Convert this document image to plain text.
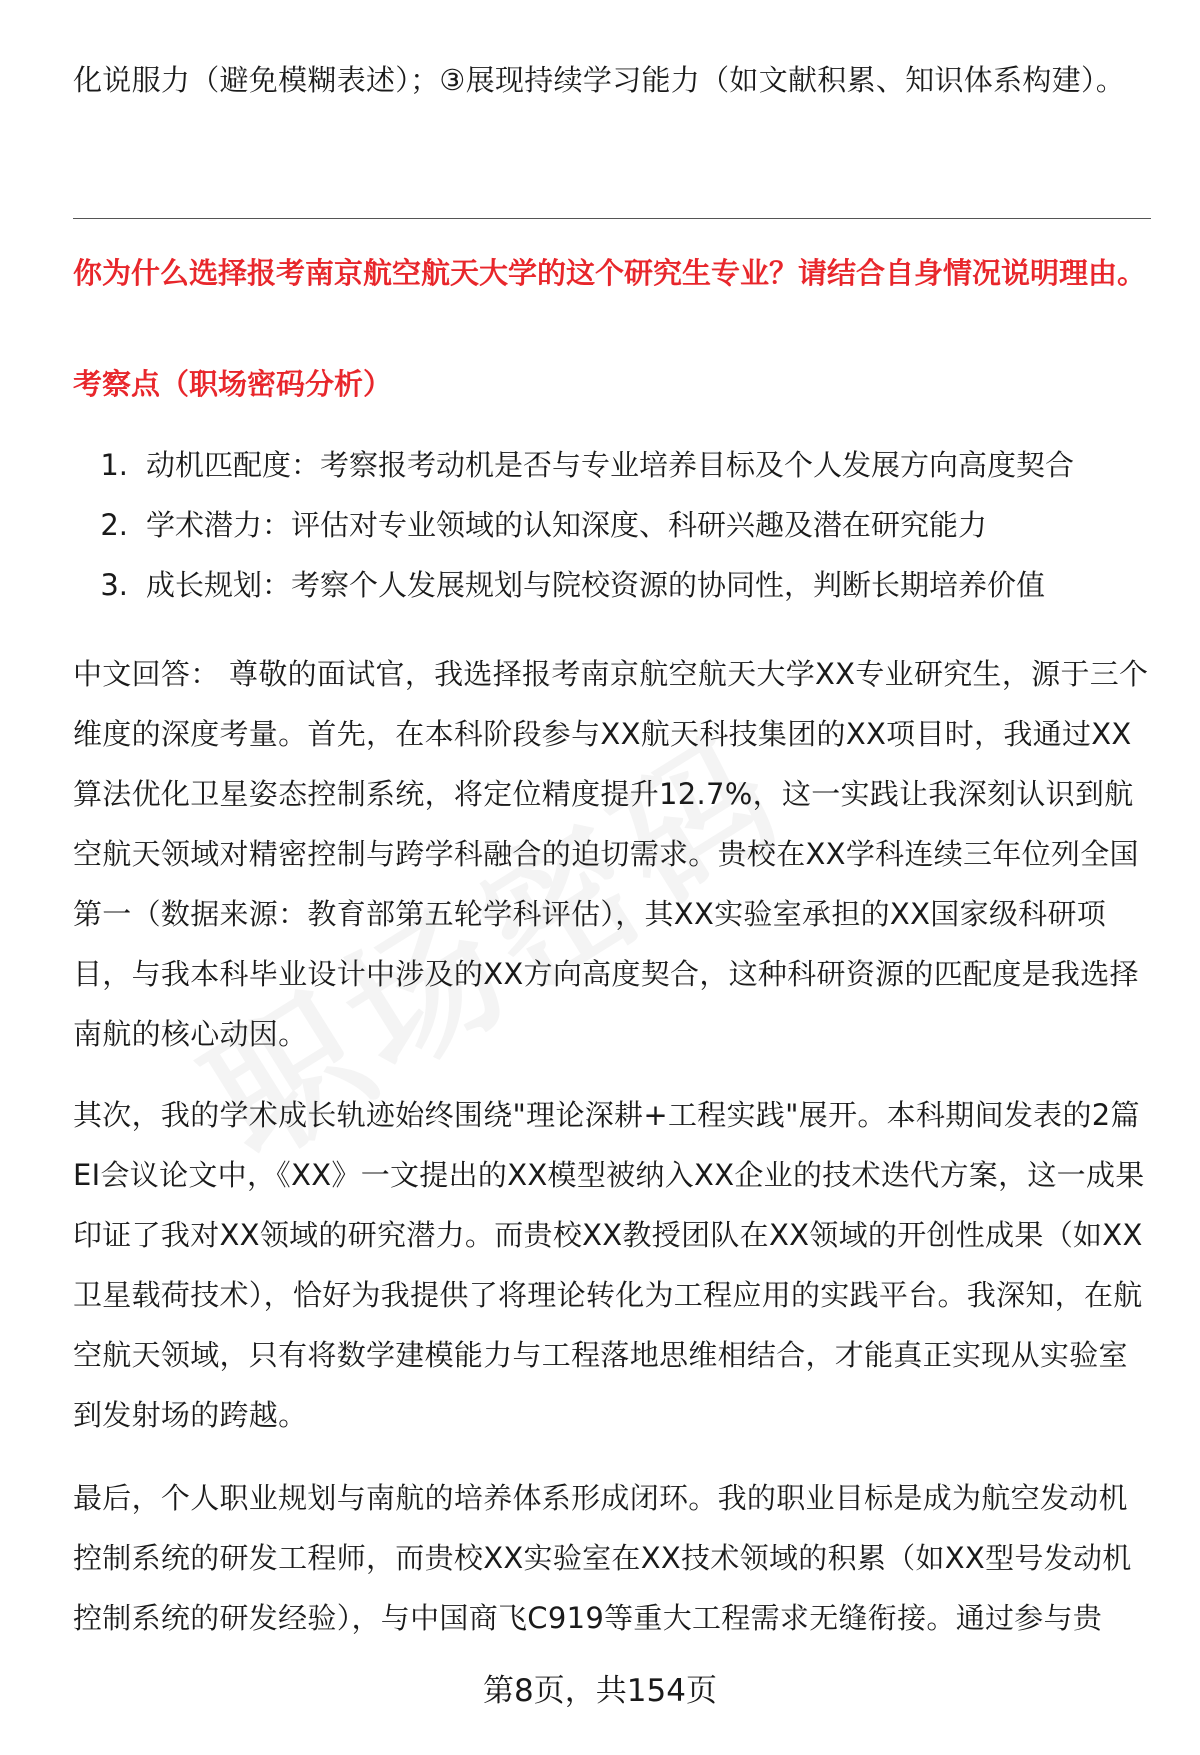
化说服力（避免模糊表述）；③展现持续学习能力（如文献积累、知识体系构建）。

你为什么选择报考南京航空航天大学的这个研究生专业？请结合自身情况说明理由。

考察点（职场密码分析）

1. 动机匹配度：考察报考动机是否与专业培养目标及个人发展方向高度契合
2. 学术潜力：评估对专业领域的认知深度、科研兴趣及潜在研究能力
3. 成长规划：考察个人发展规划与院校资源的协同性，判断长期培养价值

中文回答： 尊敬的面试官，我选择报考南京航空航天大学XX专业研究生，源于三个维度的深度考量。首先，在本科阶段参与XX航天科技集团的XX项目时，我通过XX算法优化卫星姿态控制系统，将定位精度提升12.7%，这一实践让我深刻认识到航空航天领域对精密控制与跨学科融合的迫切需求。贵校在XX学科连续三年位列全国第一（数据来源：教育部第五轮学科评估），其XX实验室承担的XX国家级科研项目，与我本科毕业设计中涉及的XX方向高度契合，这种科研资源的匹配度是我选择南航的核心动因。

其次，我的学术成长轨迹始终围绕"理论深耕+工程实践"展开。本科期间发表的2篇EI会议论文中，《XX》一文提出的XX模型被纳入XX企业的技术迭代方案，这一成果印证了我对XX领域的研究潜力。而贵校XX教授团队在XX领域的开创性成果（如XX卫星载荷技术），恰好为我提供了将理论转化为工程应用的实践平台。我深知，在航空航天领域，只有将数学建模能力与工程落地思维相结合，才能真正实现从实验室到发射场的跨越。

最后，个人职业规划与南航的培养体系形成闭环。我的职业目标是成为航空发动机控制系统的研发工程师，而贵校XX实验室在XX技术领域的积累（如XX型号发动机控制系统的研发经验），与中国商飞C919等重大工程需求无缝衔接。通过参与贵

第8页，共154页
